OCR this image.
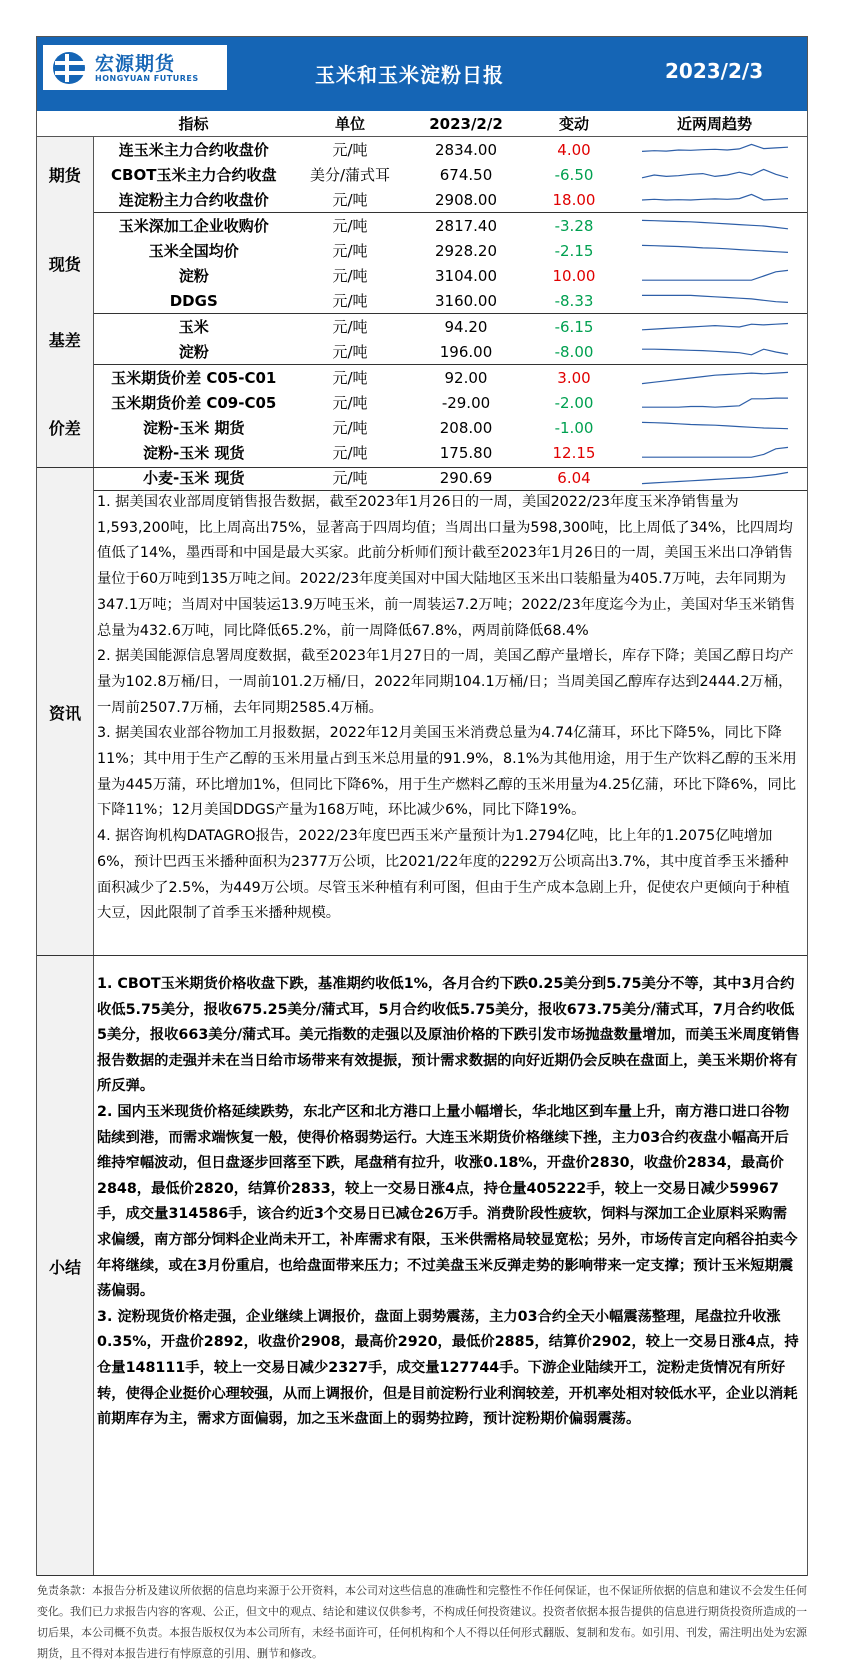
宏源期货
HONGYUAN FUTURES	玉米和玉米淀粉日报	2023/2/3
	指标	单位	2023/2/2	变动	近两周趋势
期货	连玉米主力合约收盘价	元/吨	2834.00	4.00	

	CBOT玉米主力合约收盘	美分/蒲式耳	674.50	-6.50	

	连淀粉主力合约收盘价	元/吨	2908.00	18.00	

现货	玉米深加工企业收购价	元/吨	2817.40	-3.28	

	玉米全国均价	元/吨	2928.20	-2.15	

	淀粉	元/吨	3104.00	10.00	

	DDGS	元/吨	3160.00	-8.33	

基差	玉米	元/吨	94.20	-6.15	

	淀粉	元/吨	196.00	-8.00	

价差	玉米期货价差 C05-C01	元/吨	92.00	3.00	

	玉米期货价差 C09-C05	元/吨	-29.00	-2.00	

	淀粉-玉米 期货	元/吨	208.00	-1.00	

	淀粉-玉米 现货	元/吨	175.80	12.15	

	小麦-玉米 现货	元/吨	290.69	6.04	
资讯

1. 据美国农业部周度销售报告数据，截至2023年1月26日的一周，美国2022/23年度玉米净销售量为1,593,200吨，比上周高出75%，显著高于四周均值；当周出口量为598,300吨，比上周低了34%，比四周均值低了14%，墨西哥和中国是最大买家。此前分析师们预计截至2023年1月26日的一周，美国玉米出口净销售量位于60万吨到135万吨之间。2022/23年度美国对中国大陆地区玉米出口装船量为405.7万吨，去年同期为347.1万吨；当周对中国装运13.9万吨玉米，前一周装运7.2万吨；2022/23年度迄今为止，美国对华玉米销售总量为432.6万吨，同比降低65.2%，前一周降低67.8%，两周前降低68.4%

2. 据美国能源信息署周度数据，截至2023年1月27日的一周，美国乙醇产量增长，库存下降；美国乙醇日均产量为102.8万桶/日，一周前101.2万桶/日，2022年同期104.1万桶/日；当周美国乙醇库存达到2444.2万桶，一周前2507.7万桶，去年同期2585.4万桶。

3. 据美国农业部谷物加工月报数据，2022年12月美国玉米消费总量为4.74亿蒲耳，环比下降5%，同比下降11%；其中用于生产乙醇的玉米用量占到玉米总用量的91.9%，8.1%为其他用途，用于生产饮料乙醇的玉米用量为445万蒲，环比增加1%，但同比下降6%，用于生产燃料乙醇的玉米用量为4.25亿蒲，环比下降6%，同比下降11%；12月美国DDGS产量为168万吨，环比减少6%，同比下降19%。

4. 据咨询机构DATAGRO报告，2022/23年度巴西玉米产量预计为1.2794亿吨，比上年的1.2075亿吨增加6%，预计巴西玉米播种面积为2377万公顷，比2021/22年度的2292万公顷高出3.7%，其中度首季玉米播种面积减少了2.5%，为449万公顷。尽管玉米种植有利可图，但由于生产成本急剧上升，促使农户更倾向于种植大豆，因此限制了首季玉米播种规模。

小结

1. CBOT玉米期货价格收盘下跌，基准期约收低1%，各月合约下跌0.25美分到5.75美分不等，其中3月合约收低5.75美分，报收675.25美分/蒲式耳，5月合约收低5.75美分，报收673.75美分/蒲式耳，7月合约收低5美分，报收663美分/蒲式耳。美元指数的走强以及原油价格的下跌引发市场抛盘数量增加，而美玉米周度销售报告数据的走强并未在当日给市场带来有效提振，预计需求数据的向好近期仍会反映在盘面上，美玉米期价将有所反弹。

2. 国内玉米现货价格延续跌势，东北产区和北方港口上量小幅增长，华北地区到车量上升，南方港口进口谷物陆续到港，而需求端恢复一般，使得价格弱势运行。大连玉米期货价格继续下挫，主力03合约夜盘小幅高开后维持窄幅波动，但日盘逐步回落至下跌，尾盘稍有拉升，收涨0.18%，开盘价2830，收盘价2834，最高价2848，最低价2820，结算价2833，较上一交易日涨4点，持仓量405222手，较上一交易日减少59967手，成交量314586手，该合约近3个交易日已减仓26万手。消费阶段性疲软，饲料与深加工企业原料采购需求偏缓，南方部分饲料企业尚未开工，补库需求有限，玉米供需格局较显宽松；另外，市场传言定向稻谷拍卖今年将继续，或在3月份重启，也给盘面带来压力；不过美盘玉米反弹走势的影响带来一定支撑；预计玉米短期震荡偏弱。

3. 淀粉现货价格走强，企业继续上调报价，盘面上弱势震荡，主力03合约全天小幅震荡整理，尾盘拉升收涨0.35%，开盘价2892，收盘价2908，最高价2920，最低价2885，结算价2902，较上一交易日涨4点，持仓量148111手，较上一交易日减少2327手，成交量127744手。下游企业陆续开工，淀粉走货情况有所好转，使得企业挺价心理较强，从而上调报价，但是目前淀粉行业利润较差，开机率处相对较低水平，企业以消耗前期库存为主，需求方面偏弱，加之玉米盘面上的弱势拉跨，预计淀粉期价偏弱震荡。

免责条款：本报告分析及建议所依据的信息均来源于公开资料，本公司对这些信息的准确性和完整性不作任何保证，也不保证所依据的信息和建议不会发生任何变化。我们已力求报告内容的客观、公正，但文中的观点、结论和建议仅供参考，不构成任何投资建议。投资者依据本报告提供的信息进行期货投资所造成的一切后果，本公司概不负责。本报告版权仅为本公司所有，未经书面许可，任何机构和个人不得以任何形式翻版、复制和发布。如引用、刊发，需注明出处为宏源期货，且不得对本报告进行有悖原意的引用、删节和修改。
